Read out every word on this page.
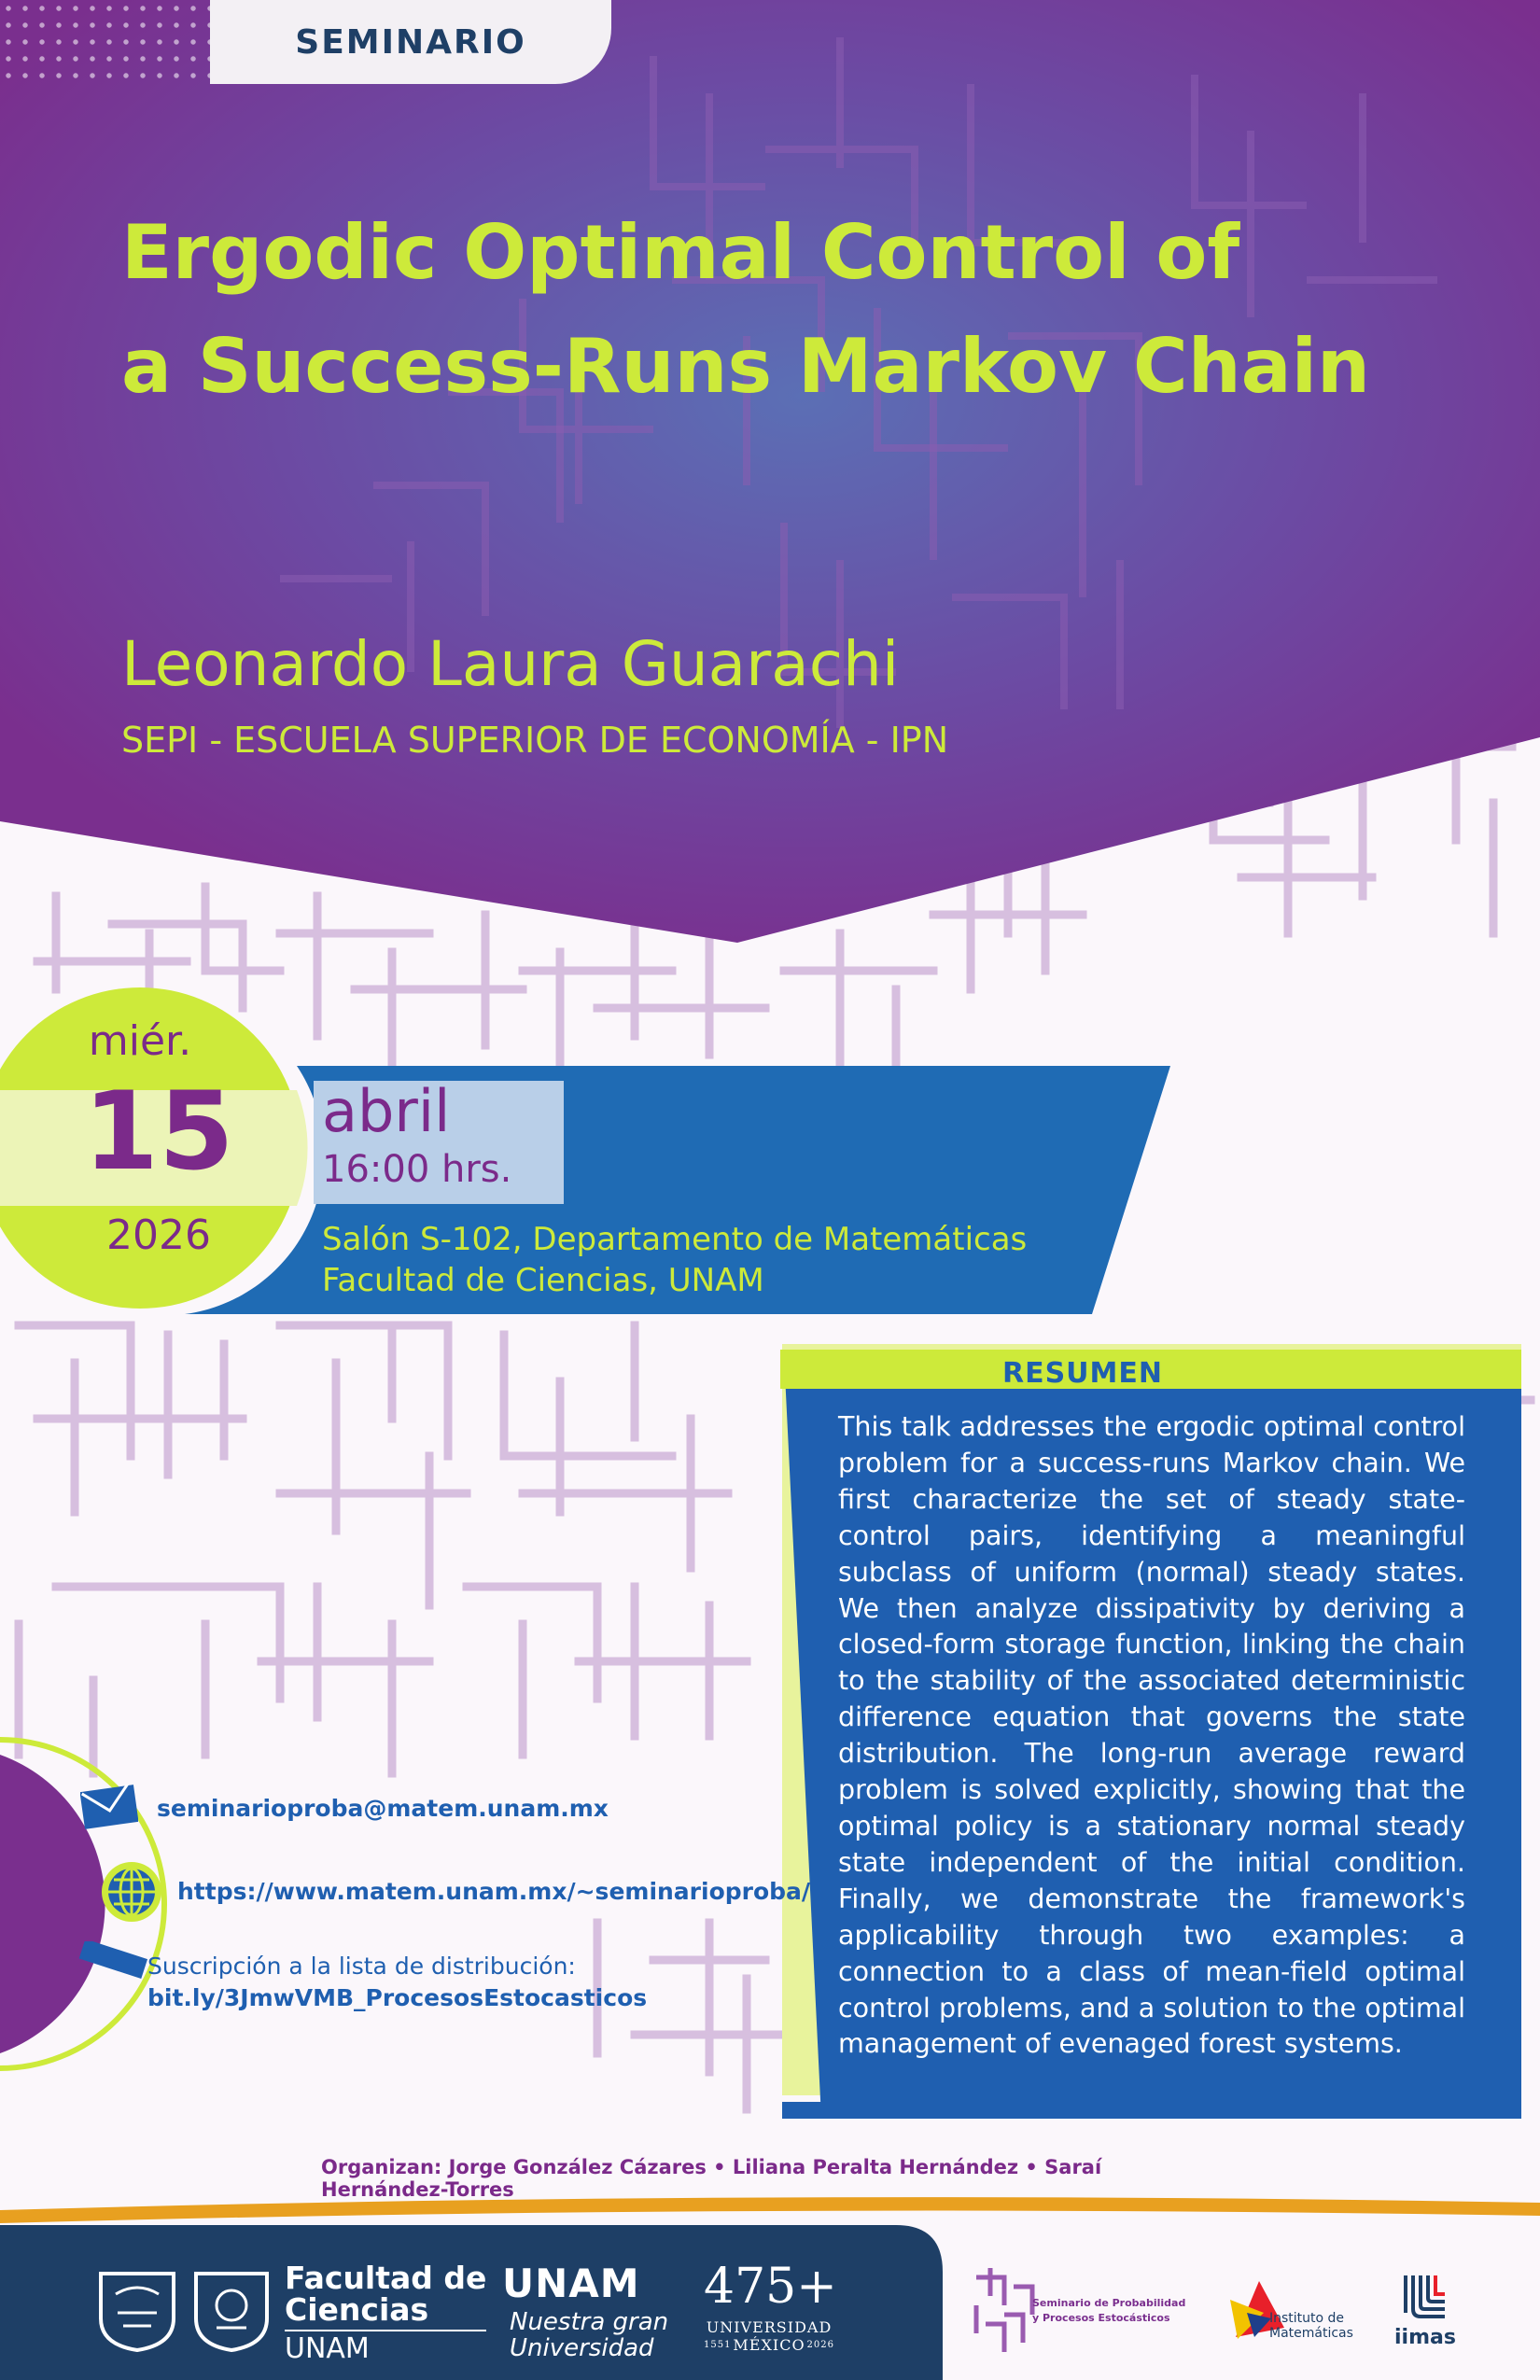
SEMINARIO
Ergodic Optimal Control of
a Success-Runs Markov Chain
Leonardo Laura Guarachi
SEPI - ESCUELA SUPERIOR DE ECONOMÍA - IPN
miér.
15
2026
abril
16:00 hrs.
Salón S-102, Departamento de Matemáticas
Facultad de Ciencias, UNAM
RESUMEN
This talk addresses the ergodic optimal control problem for a success-runs Markov chain. We first characterize the set of steady state-control pairs, identifying a meaningful subclass of uniform (normal) steady states. We then analyze dissipativity by deriving a closed-form storage function, linking the chain to the stability of the associated deterministic difference equation that governs the state distribution. The long-run average reward problem is solved explicitly, showing that the optimal policy is a stationary normal steady state independent of the initial condition. Finally, we demonstrate the framework's applicability through two examples: a connection to a class of mean-field optimal control problems, and a solution to the optimal management of evenaged forest systems.
seminarioproba@matem.unam.mx
https://www.matem.unam.mx/~seminarioproba/
Suscripción a la lista de distribución:
bit.ly/3JmwVMB_ProcesosEstocasticos
Organizan: Jorge González Cázares • Liliana Peralta Hernández • Saraí Hernández-Torres
Facultad de
Ciencias
UNAM
UNAM
Nuestra gran
Universidad
475+
UNIVERSIDAD
1551 MÉXICO 2026
Seminario de Probabilidad
y Procesos Estocásticos	Instituto de
Matemáticas iimas
